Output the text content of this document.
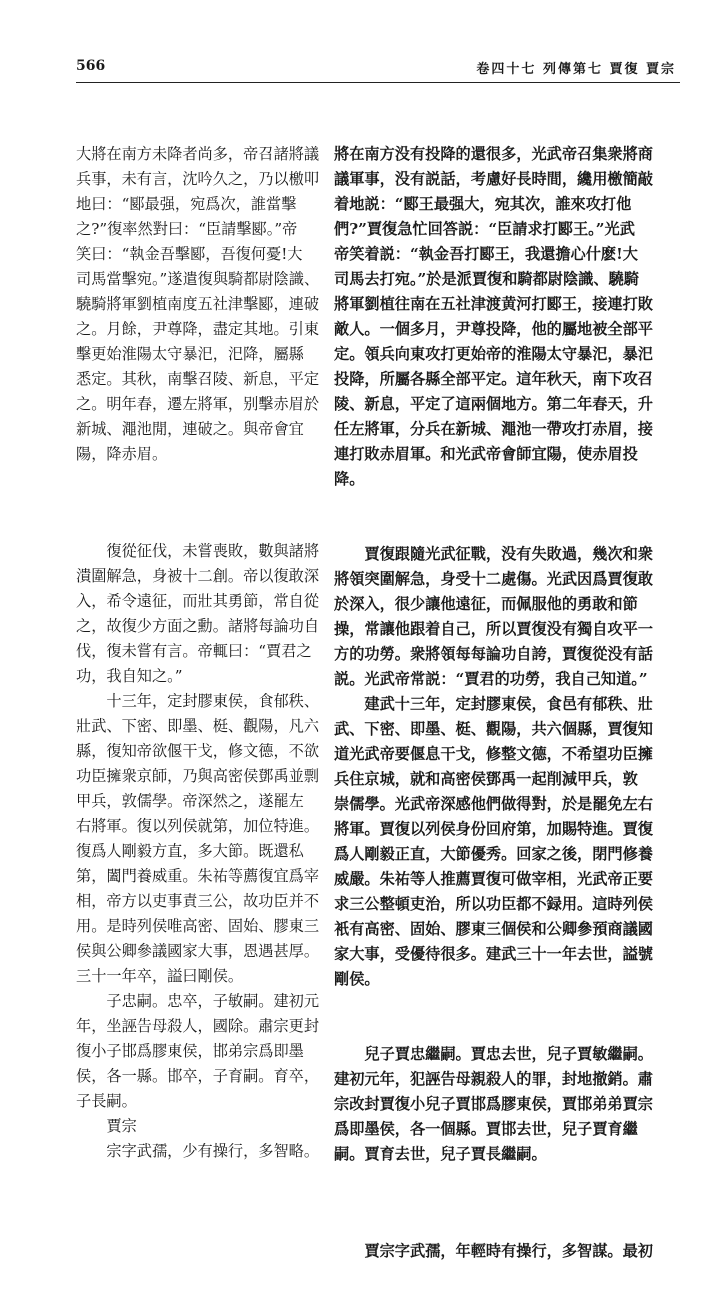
566	卷四十七 列傳第七 賈復 賈宗

大將在南方未降者尚多，帝召諸將議
兵事，未有言，沈吟久之，乃以檄叩
地曰：“郾最强，宛爲次，誰當擊
之?”復率然對曰：“臣請擊郾。”帝
笑曰：“執金吾擊郾，吾復何憂!大
司馬當擊宛。”遂遣復與騎都尉陰識、
驍騎將軍劉植南度五社津擊郾，連破
之。月餘，尹尊降，盡定其地。引東
擊更始淮陽太守暴汜，汜降，屬縣
悉定。其秋，南擊召陵、新息，平定
之。明年春，遷左將軍，别擊赤眉於
新城、澠池閒，連破之。與帝會宜
陽，降赤眉。

　　復從征伐，未嘗喪敗，數與諸將
潰圍解急，身被十二創。帝以復敢深
入，希令遠征，而壯其勇節，常自從
之，故復少方面之勳。諸將每論功自
伐，復未嘗有言。帝輒曰：“賈君之
功，我自知之。”
　　十三年，定封膠東侯，食郁秩、
壯武、下密、即墨、梃、觀陽，凡六
縣，復知帝欲偃干戈，修文德，不欲
功臣擁衆京師，乃與高密侯鄧禹並剽
甲兵，敦儒學。帝深然之，遂罷左
右將軍。復以列侯就第，加位特進。
復爲人剛毅方直，多大節。既還私
第，闔門養威重。朱祐等薦復宜爲宰
相，帝方以吏事責三公，故功臣并不
用。是時列侯唯高密、固始、膠東三
侯與公卿參議國家大事，恩遇甚厚。
三十一年卒，謚曰剛侯。
　　子忠嗣。忠卒，子敏嗣。建初元
年，坐誣告母殺人，國除。肅宗更封
復小子邯爲膠東侯，邯弟宗爲即墨
侯，各一縣。邯卒，子育嗣。育卒，
子長嗣。
　　賈宗
　　宗字武孺，少有操行，多智略。

將在南方没有投降的還很多，光武帝召集衆將商
議軍事，没有説話，考慮好長時間，纔用檄簡敲
着地説：“郾王最强大，宛其次，誰來攻打他
們?”賈復急忙回答説：“臣請求打郾王。”光武
帝笑着説：“執金吾打郾王，我還擔心什麽!大
司馬去打宛。”於是派賈復和騎都尉陰識、驍騎
將軍劉植往南在五社津渡黄河打郾王，接連打敗
敵人。一個多月，尹尊投降，他的屬地被全部平
定。領兵向東攻打更始帝的淮陽太守暴汜，暴汜
投降，所屬各縣全部平定。這年秋天，南下攻召
陵、新息，平定了這兩個地方。第二年春天，升
任左將軍，分兵在新城、澠池一帶攻打赤眉，接
連打敗赤眉軍。和光武帝會師宜陽，使赤眉投
降。

　　賈復跟隨光武征戰，没有失敗過，幾次和衆
將領突圍解急，身受十二處傷。光武因爲賈復敢
於深入，很少讓他遠征，而佩服他的勇敢和節
操，常讓他跟着自己，所以賈復没有獨自攻平一
方的功勞。衆將領每每論功自誇，賈復從没有話
説。光武帝常説：“賈君的功勞，我自己知道。”
　　建武十三年，定封膠東侯，食邑有郁秩、壯
武、下密、即墨、梃、觀陽，共六個縣，賈復知
道光武帝要偃息干戈，修整文德，不希望功臣擁
兵住京城，就和高密侯鄧禹一起削減甲兵，敦
崇儒學。光武帝深感他們做得對，於是罷免左右
將軍。賈復以列侯身份回府第，加賜特進。賈復
爲人剛毅正直，大節優秀。回家之後，閉門修養
威嚴。朱祐等人推薦賈復可做宰相，光武帝正要
求三公整頓吏治，所以功臣都不録用。這時列侯
衹有高密、固始、膠東三個侯和公卿參預商議國
家大事，受優待很多。建武三十一年去世，謚號
剛侯。

　　兒子賈忠繼嗣。賈忠去世，兒子賈敏繼嗣。
建初元年，犯誣告母親殺人的罪，封地撤銷。肅
宗改封賈復小兒子賈邯爲膠東侯，賈邯弟弟賈宗
爲即墨侯，各一個縣。賈邯去世，兒子賈育繼
嗣。賈育去世，兒子賈長繼嗣。

　　賈宗字武孺，年輕時有操行，多智謀。最初
